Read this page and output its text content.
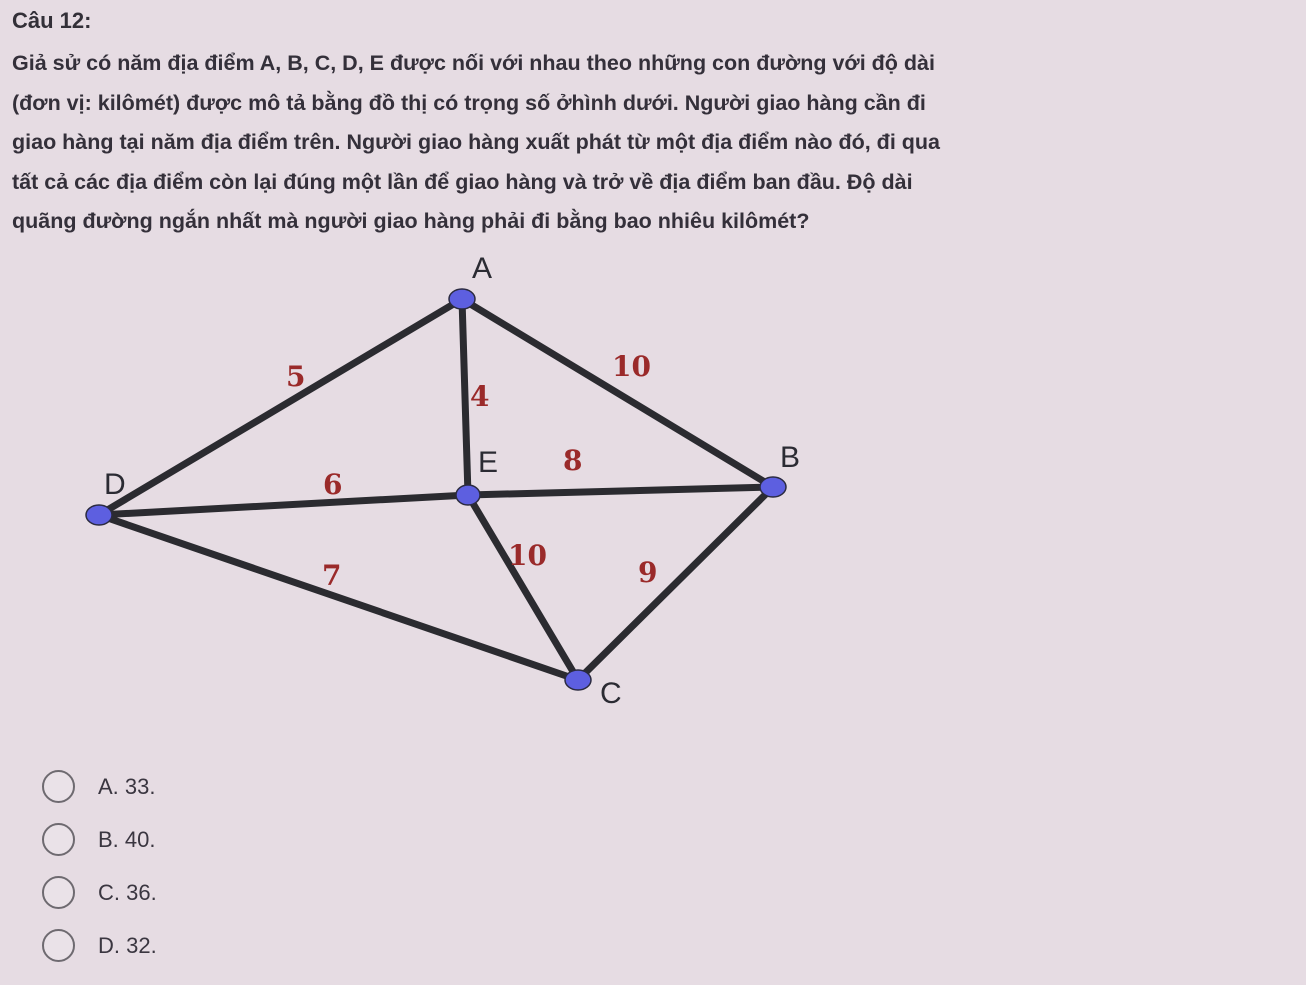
Câu 12:

Giả sử có năm địa điểm A, B, C, D, E được nối với nhau theo những con đường với độ dài

(đơn vị: kilômét) được mô tả bằng đồ thị có trọng số ởhình dưới. Người giao hàng cần đi

giao hàng tại năm địa điểm trên. Người giao hàng xuất phát từ một địa điểm nào đó, đi qua

tất cả các địa điểm còn lại đúng một lần để giao hàng và trở về địa điểm ban đầu. Độ dài

quãng đường ngắn nhất mà người giao hàng phải đi bằng bao nhiêu kilômét?

A
B
C
D
E
5
4
10
6
8
7
10
9
A. 33.
B. 40.
C. 36.
D. 32.
